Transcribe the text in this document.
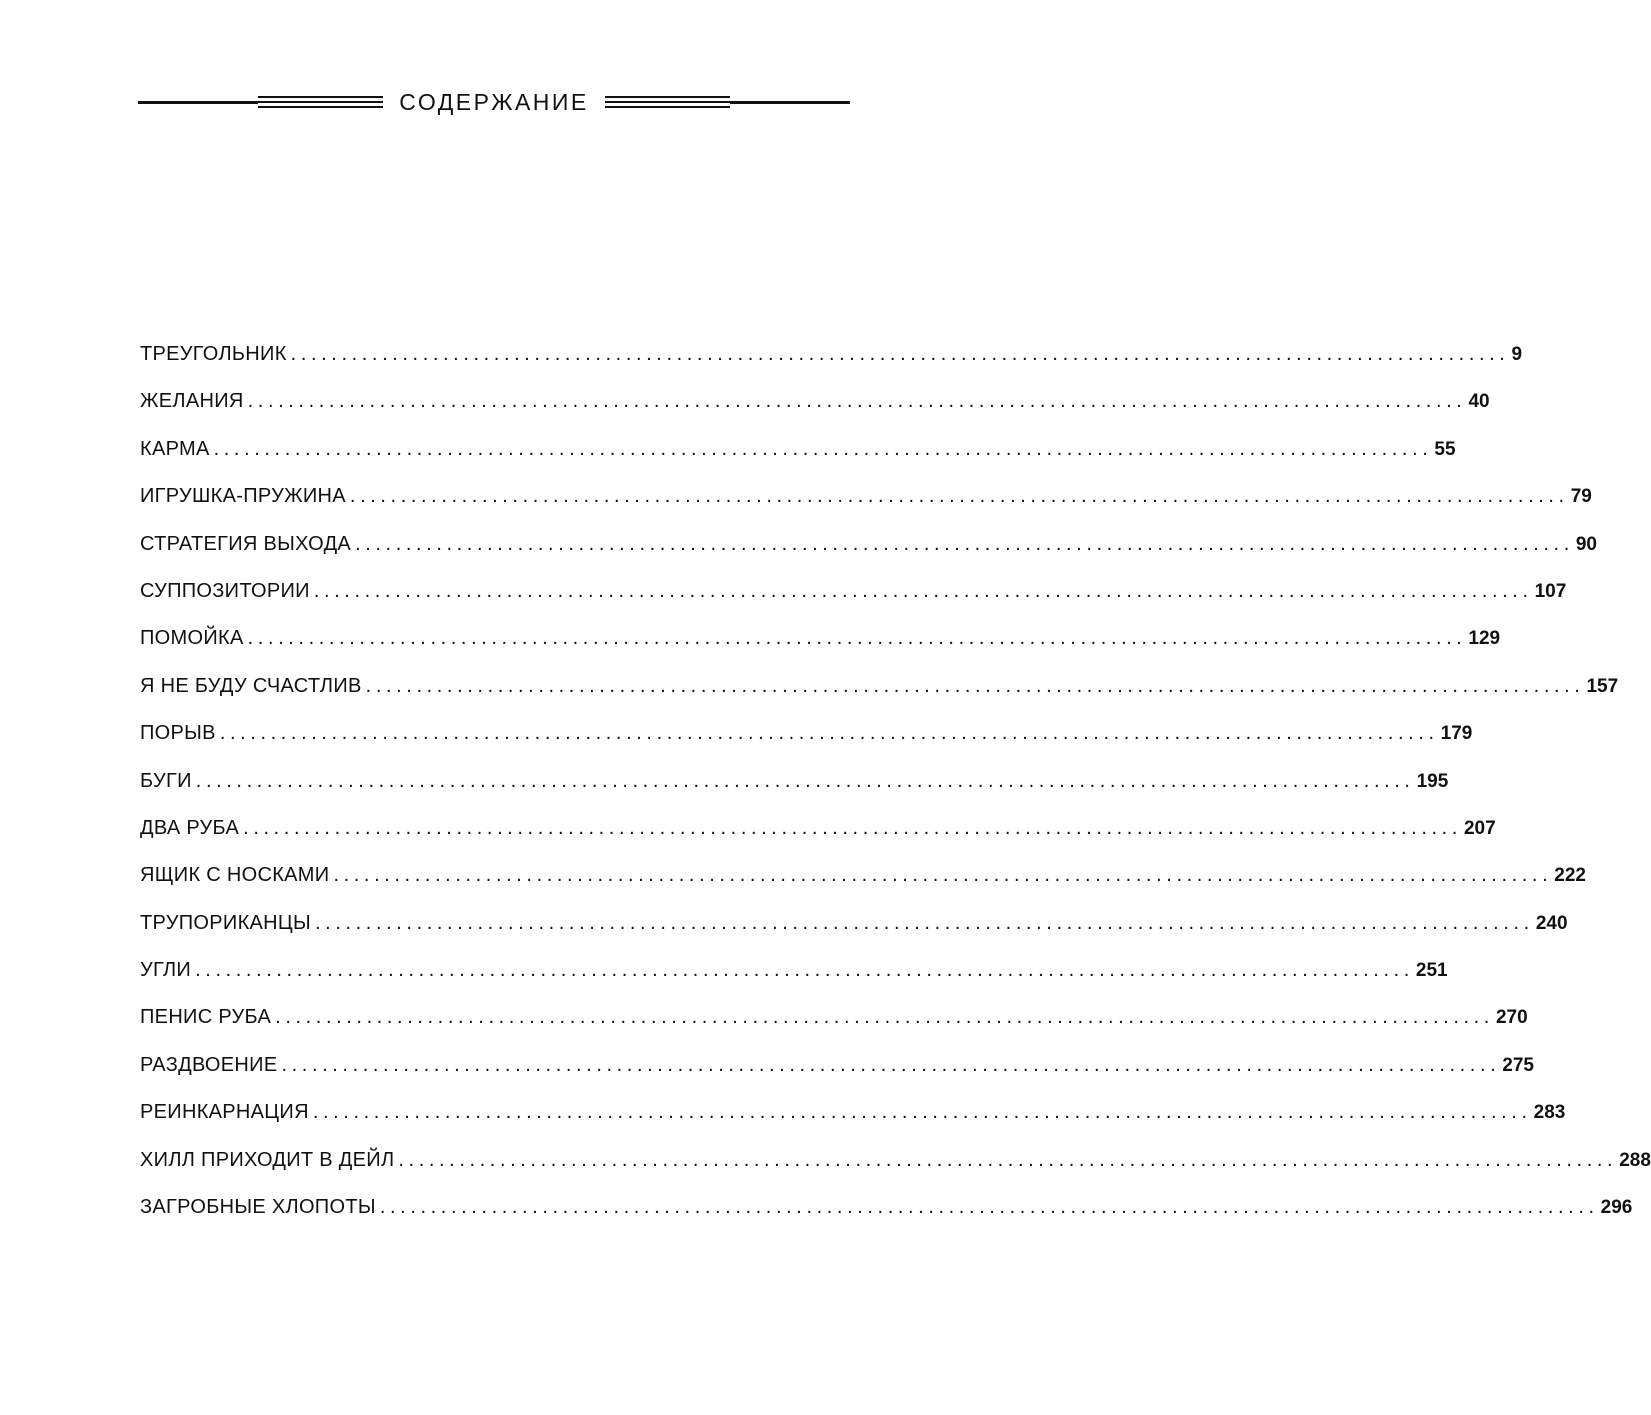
СОДЕРЖАНИЕ
ТРЕУГОЛЬНИК ........................................................................................................................ 9
ЖЕЛАНИЯ ........................................................................................................................ 40
КАРМА ........................................................................................................................ 55
ИГРУШКА-ПРУЖИНА ........................................................................................................................ 79
СТРАТЕГИЯ ВЫХОДА ........................................................................................................................ 90
СУППОЗИТОРИИ ........................................................................................................................ 107
ПОМОЙКА ........................................................................................................................ 129
Я НЕ БУДУ СЧАСТЛИВ ........................................................................................................................ 157
ПОРЫВ ........................................................................................................................ 179
БУГИ ........................................................................................................................ 195
ДВА РУБА ........................................................................................................................ 207
ЯЩИК С НОСКАМИ ........................................................................................................................ 222
ТРУПОРИКАНЦЫ ........................................................................................................................ 240
УГЛИ ........................................................................................................................ 251
ПЕНИС РУБА ........................................................................................................................ 270
РАЗДВОЕНИЕ ........................................................................................................................ 275
РЕИНКАРНАЦИЯ ........................................................................................................................ 283
ХИЛЛ ПРИХОДИТ В ДЕЙЛ ........................................................................................................................ 288
ЗАГРОБНЫЕ ХЛОПОТЫ ........................................................................................................................ 296
